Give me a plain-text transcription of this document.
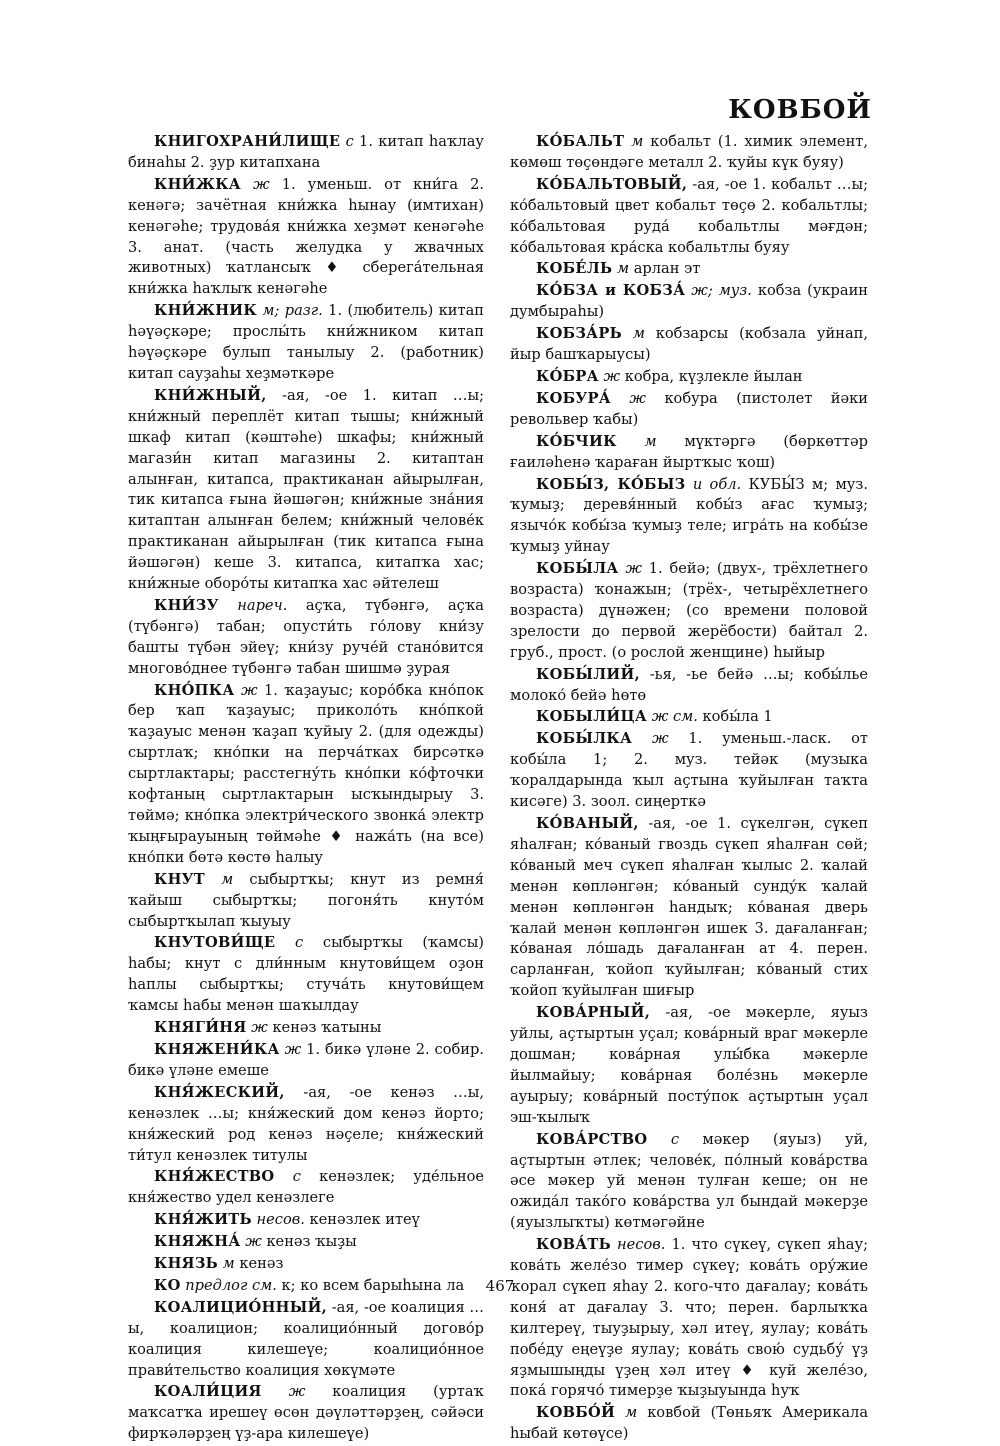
КОВБОЙ

КНИГОХРАНИ́ЛИЩЕ с 1. китап һаҡлау бинаһы 2. ҙур китапхана

КНИ́ЖКА ж 1. уменьш. от кни́га 2. кенәгә; зачётная кни́жка һынау (имтихан) кенәгәһе; трудова́я кни́жка хеҙмәт кенәгәһе 3. анат. (часть желудка у жвачных животных) ҡатлансыҡ ♦ сберега́тельная кни́жка һаҡлыҡ кенәгәһе

КНИ́ЖНИК м; разг. 1. (любитель) китап һәүәҫкәре; прослы́ть кни́жником китап һәүәҫкәре булып танылыу 2. (работник) китап сауҙаһы хеҙмәткәре

КНИ́ЖНЫЙ, -ая, -ое 1. китап …ы; кни́жный переплёт китап тышы; кни́жный шкаф китап (кәштәһе) шкафы; кни́жный магази́н китап магазины 2. китаптан алынған, китапса, практиканан айырылған, тик китапса ғына йәшәгән; кни́жные зна́ния китаптан алынған белем; кни́жный челове́к практиканан айырылған (тик китапса ғына йәшәгән) кеше 3. китапса, китапҡа хас; кни́жные оборо́ты китапҡа хас әйтелеш

КНИ́ЗУ нареч. аҫҡа, түбәнгә, аҫҡа (түбәнгә) табан; опусти́ть го́лову кни́зу башты түбән эйеү; кни́зу руче́й стано́вится многово́днее түбәнгә табан шишмә ҙурая

КНО́ПКА ж 1. ҡаҙауыс; коро́бка кно́пок бер ҡап ҡаҙауыс; приколо́ть кно́пкой ҡаҙауыс менән ҡаҙап ҡуйыу 2. (для одежды) сыртлаҡ; кно́пки на перча́тках бирсәткә сыртлактары; расстегну́ть кно́пки ко́фточки кофтаның сыртлактарын ысҡындырыу 3. төймә; кно́пка электри́ческого звонка́ электр ҡыңғырауының төймәһе ♦ нажа́ть (на все) кно́пки бөтә көстө һалыу

КНУТ м сыбыртҡы; кнут из ремня́ ҡайыш сыбыртҡы; погоня́ть кнуто́м сыбыртҡылап ҡыуыу

КНУТОВИ́ЩЕ с сыбыртҡы (ҡамсы) һабы; кнут с дли́нным кнутови́щем оҙон һаплы сыбыртҡы; стуча́ть кнутови́щем ҡамсы һабы менән шаҡылдау

КНЯГИ́НЯ ж кенәз ҡатыны

КНЯЖЕНИ́КА ж 1. бикә үләне 2. собир. бикә үләне емеше

КНЯ́ЖЕСКИЙ, -ая, -ое кенәз …ы, кенәзлек …ы; кня́жеский дом кенәз йорто; кня́жеский род кенәз нәҫеле; кня́жеский ти́тул кенәзлек титулы

КНЯ́ЖЕСТВО с кенәзлек; уде́льное кня́жество удел кенәзлеге

КНЯ́ЖИТЬ несов. кенәзлек итеү

КНЯЖНА́ ж кенәз ҡыҙы

КНЯЗЬ м кенәз

КО предлог см. к; ко всем барыһына ла

КОАЛИЦИО́ННЫЙ, -ая, -ое коалиция …ы, коалицион; коалицио́нный догово́р коалиция килешеүе; коалицио́нное прави́тельство коалиция хөкүмәте

КОАЛИ́ЦИЯ ж коалиция (уртаҡ маҡсатҡа ирешеү өсөн дәүләттәрҙең, сәйәси фирҡәләрҙең үҙ-ара килешеүе)

КО́БАЛЬТ м кобальт (1. химик элемент, көмөш төҫөндәге металл 2. ҡуйы күк буяу)

КО́БАЛЬТОВЫЙ, -ая, -ое 1. кобальт …ы; ко́бальтовый цвет кобальт төҫө 2. кобальтлы; ко́бальтовая руда́ кобальтлы мәғдән; ко́бальтовая кра́ска кобальтлы буяу

КОБЕ́ЛЬ м арлан эт

КО́БЗА и КОБЗА́ ж; муз. кобза (украин думбыраһы)

КОБЗА́РЬ м кобзарсы (кобзала уйнап, йыр башҡарыусы)

КО́БРА ж кобра, күҙлекле йылан

КОБУРА́ ж кобура (пистолет йәки револьвер ҡабы)

КО́БЧИК м мүктәргә (бөркөттәр ғаиләһенә ҡараған йыртҡыс ҡош)

КОБЫ́З, КО́БЫЗ и обл. КУБЫ́З м; муз. ҡумыҙ; деревя́нный кобы́з ағас ҡумыҙ; язычо́к кобы́за ҡумыҙ теле; игра́ть на кобы́зе ҡумыҙ уйнау

КОБЫ́ЛА ж 1. бейә; (двух-, трёхлетнего возраста) ҡонажын; (трёх-, четырёхлетнего возраста) дүнәжен; (со времени половой зрелости до первой жерёбости) байтал 2. груб., прост. (о рослой женщине) һыйыр

КОБЫ́ЛИЙ, -ья, -ье бейә …ы; кобы́лье молоко́ бейә һөтө

КОБЫЛИ́ЦА ж см. кобы́ла 1

КОБЫ́ЛКА ж 1. уменьш.-ласк. от кобы́ла 1; 2. муз. тейәк (музыка ҡоралдарында ҡыл аҫтына ҡуйылған таҡта кисәге) 3. зоол. сиңерткә

КО́ВАНЫЙ, -ая, -ое 1. сүкелгән, сүкеп яһалған; ко́ваный гвоздь сүкеп яһалған сөй; ко́ваный меч сүкеп яһалған ҡылыс 2. ҡалай менән көпләнгән; ко́ваный сунду́к ҡалай менән көпләнгән һандыҡ; ко́ваная дверь ҡалай менән көпләнгән ишек 3. дағаланған; ко́ваная ло́шадь дағаланған ат 4. перен. сарланған, ҡойоп ҡуйылған; ко́ваный стих ҡойоп ҡуйылған шиғыр

КОВА́РНЫЙ, -ая, -ое мәкерле, яуыз уйлы, аҫтыртын уҫал; кова́рный враг мәкерле дошман; кова́рная улы́бка мәкерле йылмайыу; кова́рная боле́знь мәкерле ауырыу; кова́рный посту́пок аҫтыртын уҫал эш-ҡылыҡ

КОВА́РСТВО с мәкер (яуыз) уй, аҫтыртын әтлек; челове́к, по́лный кова́рства әсе мәкер уй менән тулған кеше; он не ожида́л тако́го кова́рства ул бындай мәкерҙе (яуызлыҡты) көтмәгәйне

КОВА́ТЬ несов. 1. что сүкеү, сүкеп яһау; кова́ть желе́зо тимер сүкеү; кова́ть ору́жие ҡорал сүкеп яһау 2. кого-что дағалау; кова́ть коня́ ат дағалау 3. что; перен. барлыҡҡа килтереү, тыуҙырыу, хәл итеү, яулау; кова́ть побе́ду еңеүҙе яулау; кова́ть свою́ судьбу́ үҙ яҙмышыңды үҙең хәл итеү ♦ куй желе́зо, пока́ горячо́ тимерҙе ҡыҙыуында һуҡ

КОВБО́Й м ковбой (Төньяҡ Америкала һыбай көтөүсе)

467
